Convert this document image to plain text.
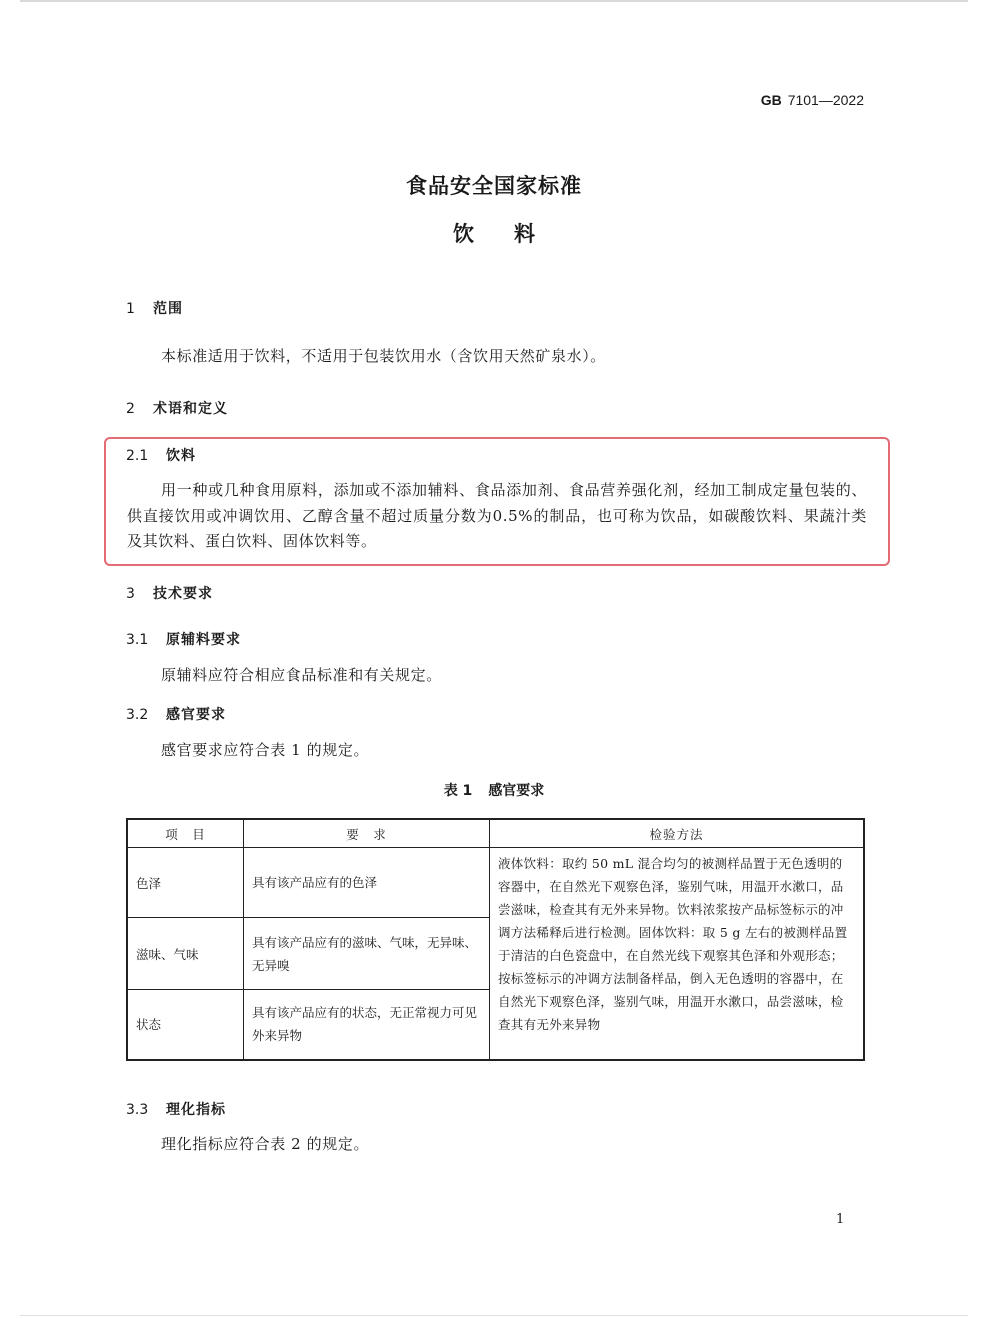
GB 7101—2022
食品安全国家标准
饮料
1 范围
本标准适用于饮料，不适用于包装饮用水（含饮用天然矿泉水）。
2 术语和定义
2.1 饮料
用一种或几种食用原料，添加或不添加辅料、食品添加剂、食品营养强化剂，经加工制成定量包装的、供直接饮用或冲调饮用、乙醇含量不超过质量分数为0.5%的制品，也可称为饮品，如碳酸饮料、果蔬汁类及其饮料、蛋白饮料、固体饮料等。
3 技术要求
3.1 原辅料要求
原辅料应符合相应食品标准和有关规定。
3.2 感官要求
感官要求应符合表 1 的规定。
表 1 感官要求
项　目	要　求	检验方法
色泽	具有该产品应有的色泽	液体饮料：取约 50 mL 混合均匀的被测样品置于无色透明的容器中，在自然光下观察色泽，鉴别气味，用温开水漱口，品尝滋味，检查其有无外来异物。饮料浓浆按产品标签标示的冲调方法稀释后进行检测。固体饮料：取 5 g 左右的被测样品置于清洁的白色瓷盘中，在自然光线下观察其色泽和外观形态；按标签标示的冲调方法制备样品，倒入无色透明的容器中，在自然光下观察色泽，鉴别气味，用温开水漱口，品尝滋味，检查其有无外来异物
滋味、气味	具有该产品应有的滋味、气味，无异味、无异嗅	
状态	具有该产品应有的状态，无正常视力可见外来异物	
3.3 理化指标
理化指标应符合表 2 的规定。
1
